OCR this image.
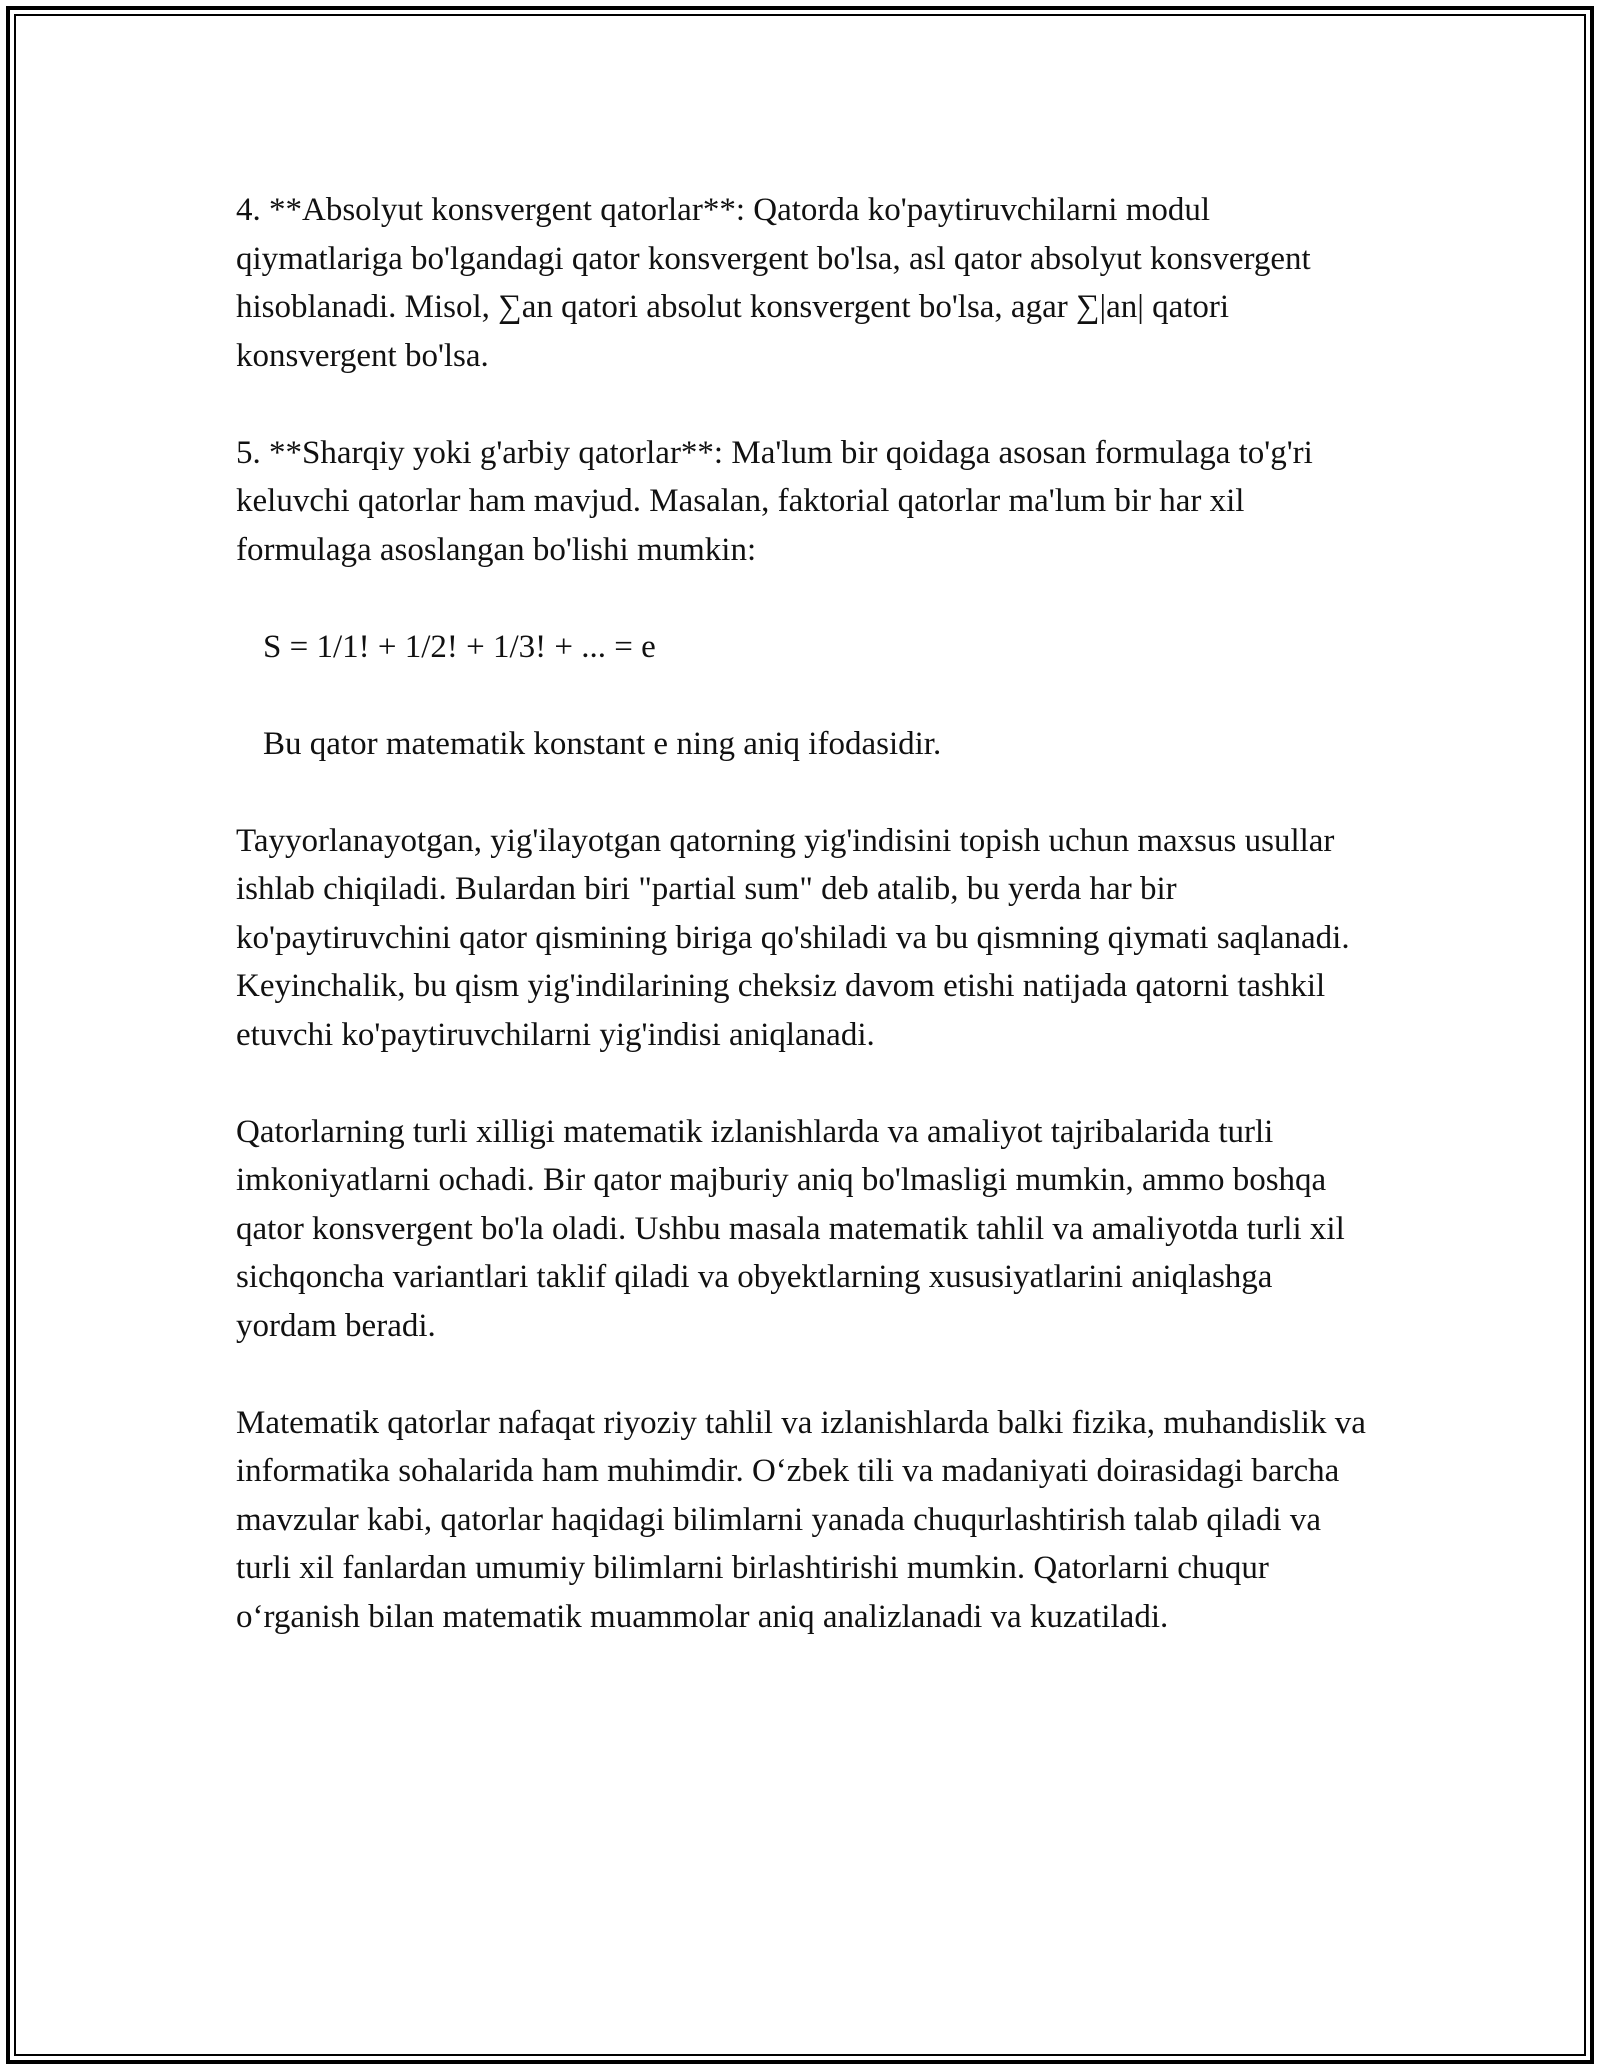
4. **Absolyut konsvergent qatorlar**: Qatorda ko'paytiruvchilarni modul qiymatlariga bo'lgandagi qator konsvergent bo'lsa, asl qator absolyut konsvergent hisoblanadi. Misol, ∑an qatori absolut konsvergent bo'lsa, agar ∑|an| qatori konsvergent bo'lsa.

5. **Sharqiy yoki g'arbiy qatorlar**: Ma'lum bir qoidaga asosan formulaga to'g'ri keluvchi qatorlar ham mavjud. Masalan, faktorial qatorlar ma'lum bir har xil formulaga asoslangan bo'lishi mumkin:

S = 1/1! + 1/2! + 1/3! + ... = e

Bu qator matematik konstant e ning aniq ifodasidir.

Tayyorlanayotgan, yig'ilayotgan qatorning yig'indisini topish uchun maxsus usullar ishlab chiqiladi. Bulardan biri "partial sum" deb atalib, bu yerda har bir ko'paytiruvchini qator qismining biriga qo'shiladi va bu qismning qiymati saqlanadi. Keyinchalik, bu qism yig'indilarining cheksiz davom etishi natijada qatorni tashkil etuvchi ko'paytiruvchilarni yig'indisi aniqlanadi.

Qatorlarning turli xilligi matematik izlanishlarda va amaliyot tajribalarida turli imkoniyatlarni ochadi. Bir qator majburiy aniq bo'lmasligi mumkin, ammo boshqa qator konsvergent bo'la oladi. Ushbu masala matematik tahlil va amaliyotda turli xil sichqoncha variantlari taklif qiladi va obyektlarning xususiyatlarini aniqlashga yordam beradi.

Matematik qatorlar nafaqat riyoziy tahlil va izlanishlarda balki fizika, muhandislik va informatika sohalarida ham muhimdir. O‘zbek tili va madaniyati doirasidagi barcha mavzular kabi, qatorlar haqidagi bilimlarni yanada chuqurlashtirish talab qiladi va turli xil fanlardan umumiy bilimlarni birlashtirishi mumkin. Qatorlarni chuqur o‘rganish bilan matematik muammolar aniq analizlanadi va kuzatiladi.
